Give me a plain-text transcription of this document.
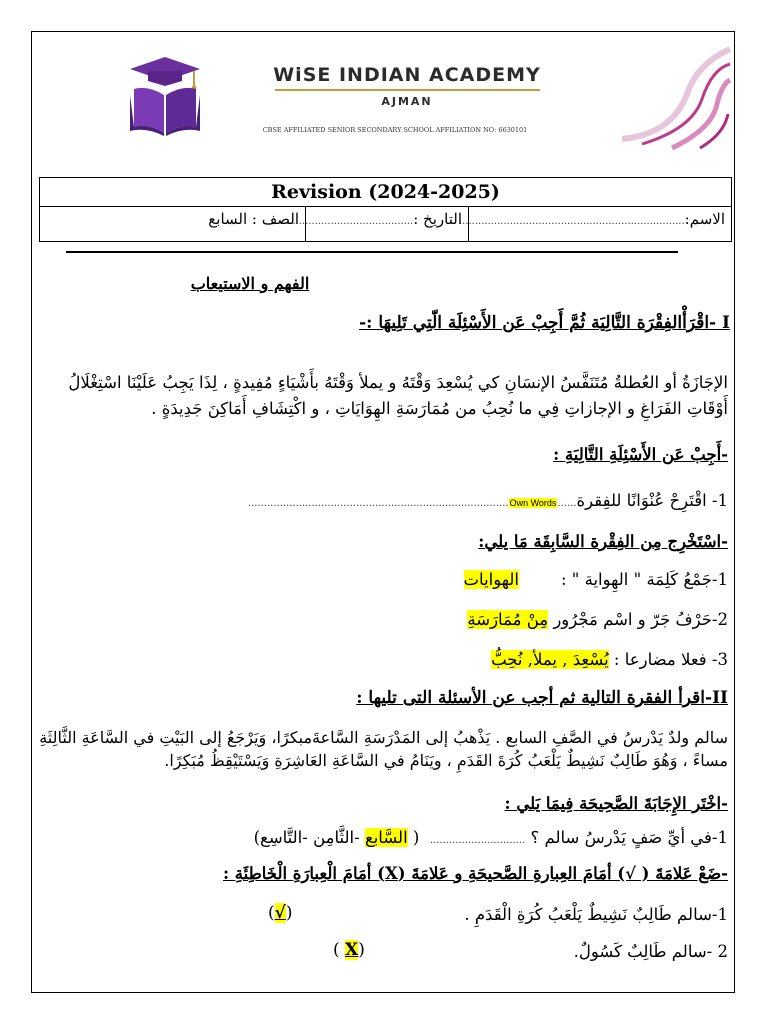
WiSE INDIAN ACADEMY
AJMAN
CBSE AFFILIATED SENIOR SECONDARY SCHOOL AFFILIATION NO: 6630101
Revision (2024-2025)
الاسم:.......................................................................
التاريخ :.............................................
الصف : السابع
الفهم و الاستيعاب
I -اقْرَأْالفِقْرَة التَّالِيَة ثُمَّ أَجِبْ عَن الأَسْئِلَة الّتِي تَلِيهَا :-
الإجَازَةُ أو العُطلةُ مُتَنَفَّسُ الإنسَانِ كي يُسْعِدَ وَقْتَهُ و يملأ وَقْتَهُ بأَشْيَاءٍ مُفِيدةٍ ، لِذَا يَجِبُ عَلَيْنَا اسْتِغْلَالُ أَوْقَاتِ الفَرَاغِ و الإجازاتِ فِي ما نُحِبُ من مُمَارَسَةِ الهِوَايَاتِ ، و اكْتِشَافِ أَمَاكِنَ جَدِيدَةٍ .
-أَجِبْ عَن الأَسْئِلَةِ التَّالِيَةِ :
1- اقْتَرِحْ عُنْوَانًا للفِقرة......Own Words..................................................................................
-اسْتَخْرِج مِن الفِقْرة السَّابِقَة مَا يلي:
1-جَمْعُ كَلِمَة " الهِواية " :        الهوايات
2-حَرْفُ جَرّ و اسْم مَجْرُور مِنْ مُمَارَسَةِ
3- فعلا مضارعا : يُسْعِدَ , يملأ, نُحِبُّ
II-اقرأ الفقرة التالية ثم أجب عن الأسئلة التى تليها :
سالم ولدٌ يَدْرسُ في الصَّفِ السابع . يَذْهبُ إلى المَدْرَسَةِ السَّاعةَمبكرًا، وَيَرْجَعُ إلى البَيْتِ في السَّاعَةِ الثَّالِثَةِ مساءً ، وَهُوَ طَالِبٌ نَشِيطٌ يَلْعَبُ كُرَةَ القَدَمِ ، ويَنَامُ في السَّاعَةِ العَاشِرَةِ وَيَسْتَيْقِظُ مُبَكِرًا.
-اخْتَر الإِجَابَةَ الصَّحِيحَة فِيمَا يَلي :
1-في أيِّ صَفٍ يَدْرسُ سالم ؟ ..............................  ( السَّابع -الثَّامِن -التَّاسِع)
-ضَعْ عَلامَةَ ( √) أمَامَ العِبارةِ الصَّحيحَةِ و عَلامَةَ (X) أمَامَ الْعِبارَةِ الْخَاطِئَةِ :
1-سالم طَالِبٌ نَشِيطٌ يَلْعَبُ كُرَةِ الْقَدَمِ .
(√)
2 -سالم طَالِبٌ كَسُولٌ.
(X )
